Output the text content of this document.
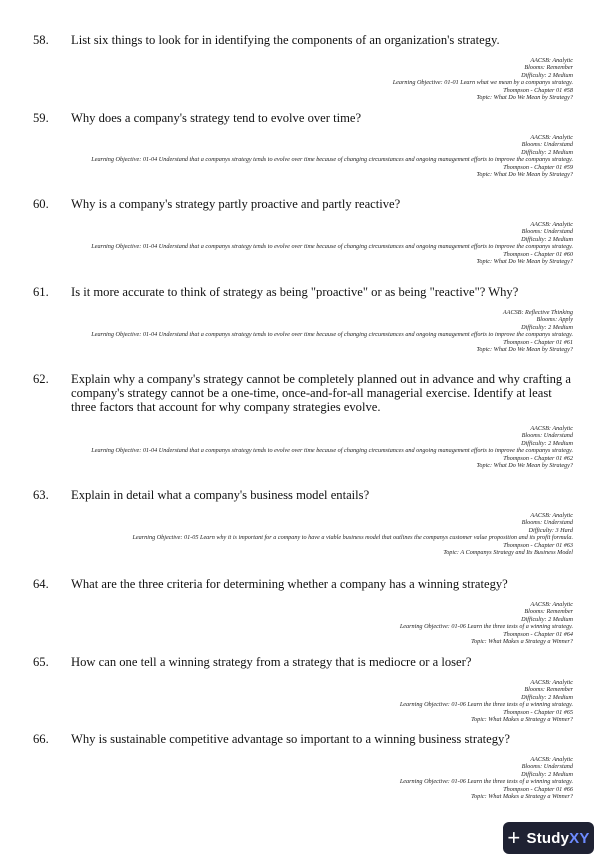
58.	List six things to look for in identifying the components of an organization's strategy.
AACSB: Analytic
Blooms: Remember
Difficulty: 2 Medium
Learning Objective: 01-01 Learn what we mean by a companys strategy.
Thompson - Chapter 01 #58
Topic: What Do We Mean by Strategy?
59.	Why does a company's strategy tend to evolve over time?
AACSB: Analytic
Blooms: Understand
Difficulty: 2 Medium
Learning Objective: 01-04 Understand that a companys strategy tends to evolve over time because of changing circumstances and ongoing management efforts to improve the companys strategy.
Thompson - Chapter 01 #59
Topic: What Do We Mean by Strategy?
60.	Why is a company's strategy partly proactive and partly reactive?
AACSB: Analytic
Blooms: Understand
Difficulty: 2 Medium
Learning Objective: 01-04 Understand that a companys strategy tends to evolve over time because of changing circumstances and ongoing management efforts to improve the companys strategy.
Thompson - Chapter 01 #60
Topic: What Do We Mean by Strategy?
61.	Is it more accurate to think of strategy as being "proactive" or as being "reactive"? Why?
AACSB: Reflective Thinking
Blooms: Apply
Difficulty: 2 Medium
Learning Objective: 01-04 Understand that a companys strategy tends to evolve over time because of changing circumstances and ongoing management efforts to improve the companys strategy.
Thompson - Chapter 01 #61
Topic: What Do We Mean by Strategy?
62.	Explain why a company's strategy cannot be completely planned out in advance and why crafting a company's strategy cannot be a one-time, once-and-for-all managerial exercise. Identify at least three factors that account for why company strategies evolve.
AACSB: Analytic
Blooms: Understand
Difficulty: 2 Medium
Learning Objective: 01-04 Understand that a companys strategy tends to evolve over time because of changing circumstances and ongoing management efforts to improve the companys strategy.
Thompson - Chapter 01 #62
Topic: What Do We Mean by Strategy?
63.	Explain in detail what a company's business model entails?
AACSB: Analytic
Blooms: Understand
Difficulty: 3 Hard
Learning Objective: 01-05 Learn why it is important for a company to have a viable business model that outlines the companys customer value proposition and its profit formula.
Thompson - Chapter 01 #63
Topic: A Companys Strategy and Its Business Model
64.	What are the three criteria for determining whether a company has a winning strategy?
AACSB: Analytic
Blooms: Remember
Difficulty: 2 Medium
Learning Objective: 01-06 Learn the three tests of a winning strategy.
Thompson - Chapter 01 #64
Topic: What Makes a Strategy a Winner?
65.	How can one tell a winning strategy from a strategy that is mediocre or a loser?
AACSB: Analytic
Blooms: Remember
Difficulty: 2 Medium
Learning Objective: 01-06 Learn the three tests of a winning strategy.
Thompson - Chapter 01 #65
Topic: What Makes a Strategy a Winner?
66.	Why is sustainable competitive advantage so important to a winning business strategy?
AACSB: Analytic
Blooms: Understand
Difficulty: 2 Medium
Learning Objective: 01-06 Learn the three tests of a winning strategy.
Thompson - Chapter 01 #66
Topic: What Makes a Strategy a Winner?
+ Study XY
